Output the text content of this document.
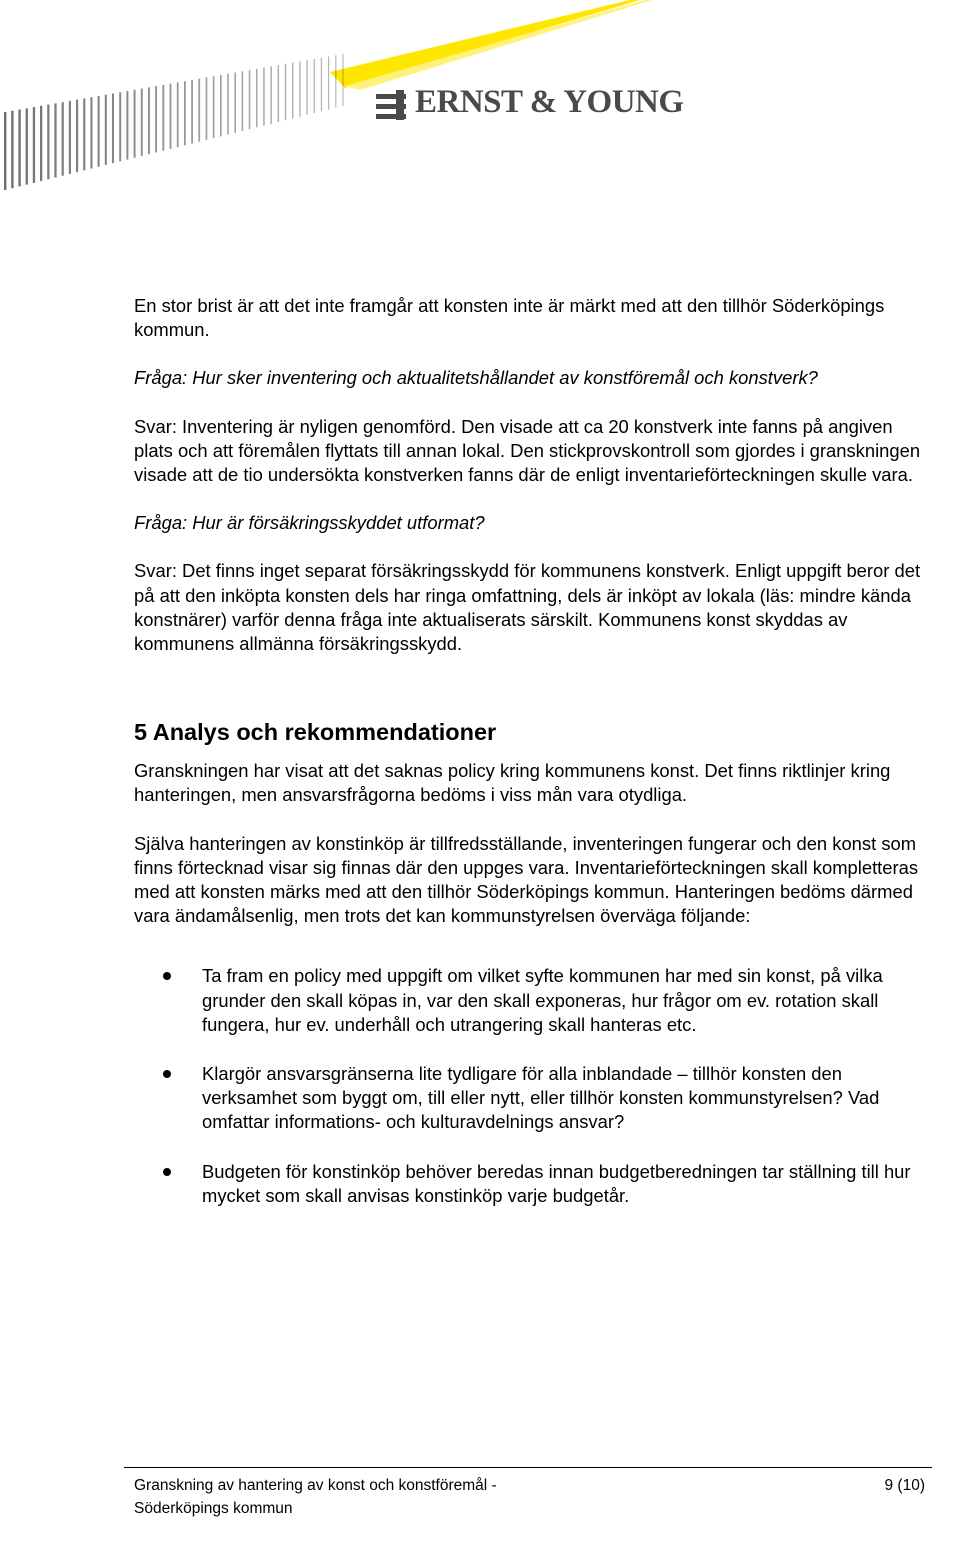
ERNST & YOUNG

En stor brist är att det inte framgår att konsten inte är märkt med att den tillhör Söderköpings kommun.

Fråga: Hur sker inventering och aktualitetshållandet av konstföremål och konstverk?

Svar: Inventering är nyligen genomförd. Den visade att ca 20 konstverk inte fanns på angiven plats och att föremålen flyttats till annan lokal. Den stickprovskontroll som gjordes i granskningen visade att de tio undersökta konstverken fanns där de enligt inventarieförteckningen skulle vara.

Fråga: Hur är försäkringsskyddet utformat?

Svar: Det finns inget separat försäkringsskydd för kommunens konstverk. Enligt uppgift beror det på att den inköpta konsten dels har ringa omfattning, dels är inköpt av lokala (läs: mindre kända konstnärer) varför denna fråga inte aktualiserats särskilt. Kommunens konst skyddas av kommunens allmänna försäkringsskydd.

5 Analys och rekommendationer

Granskningen har visat att det saknas policy kring kommunens konst. Det finns riktlinjer kring hanteringen, men ansvarsfrågorna bedöms i viss mån vara otydliga.

Själva hanteringen av konstinköp är tillfredsställande, inventeringen fungerar och den konst som finns förtecknad visar sig finnas där den uppges vara. Inventarieförteckningen skall kompletteras med att konsten märks med att den tillhör Söderköpings kommun. Hanteringen bedöms därmed vara ändamålsenlig, men trots det kan kommunstyrelsen överväga följande:

Ta fram en policy med uppgift om vilket syfte kommunen har med sin konst, på vilka grunder den skall köpas in, var den skall exponeras, hur frågor om ev. rotation skall fungera, hur ev. underhåll och utrangering skall hanteras etc.
Klargör ansvarsgränserna lite tydligare för alla inblandade – tillhör konsten den verksamhet som byggt om, till eller nytt, eller tillhör konsten kommunstyrelsen? Vad omfattar informations- och kulturavdelnings ansvar?
Budgeten för konstinköp behöver beredas innan budgetberedningen tar ställning till hur mycket som skall anvisas konstinköp varje budgetår.
Granskning av hantering av konst och konstföremål -
Söderköpings kommun
9 (10)
